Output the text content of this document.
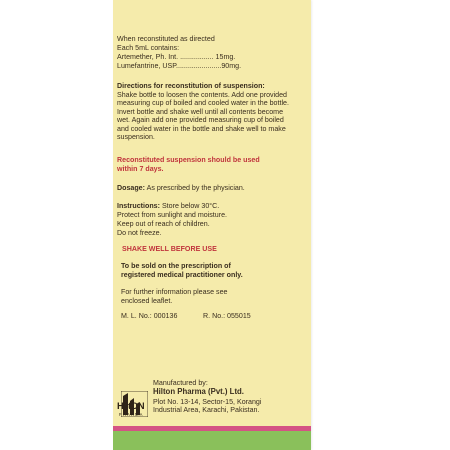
When reconstituted as directed
Each 5mL contains:
Artemether, Ph. Int. ................. 15mg.
Lumefantrine, USP.......................90mg.
Directions for reconstitution of suspension:
Shake bottle to loosen the contents. Add one provided measuring cup of boiled and cooled water in the bottle. Invert bottle and shake well until all contents become wet. Again add one provided measuring cup of boiled and cooled water in the bottle and shake well to make suspension.
Reconstituted suspension should be used
within 7 days.
Dosage: As prescribed by the physician.
Instructions: Store below 30°C.
Protect from sunlight and moisture.
Keep out of reach of children.
Do not freeze.
SHAKE WELL BEFORE USE
To be sold on the prescription of
registered medical practitioner only.
For further information please see
enclosed leaflet.
M. L. No.: 000136	R. No.: 055015
HiltON
PHARMA
Manufactured by:
Hilton Pharma (Pvt.) Ltd.
Plot No. 13-14, Sector-15, Korangi
Industrial Area, Karachi, Pakistan.
